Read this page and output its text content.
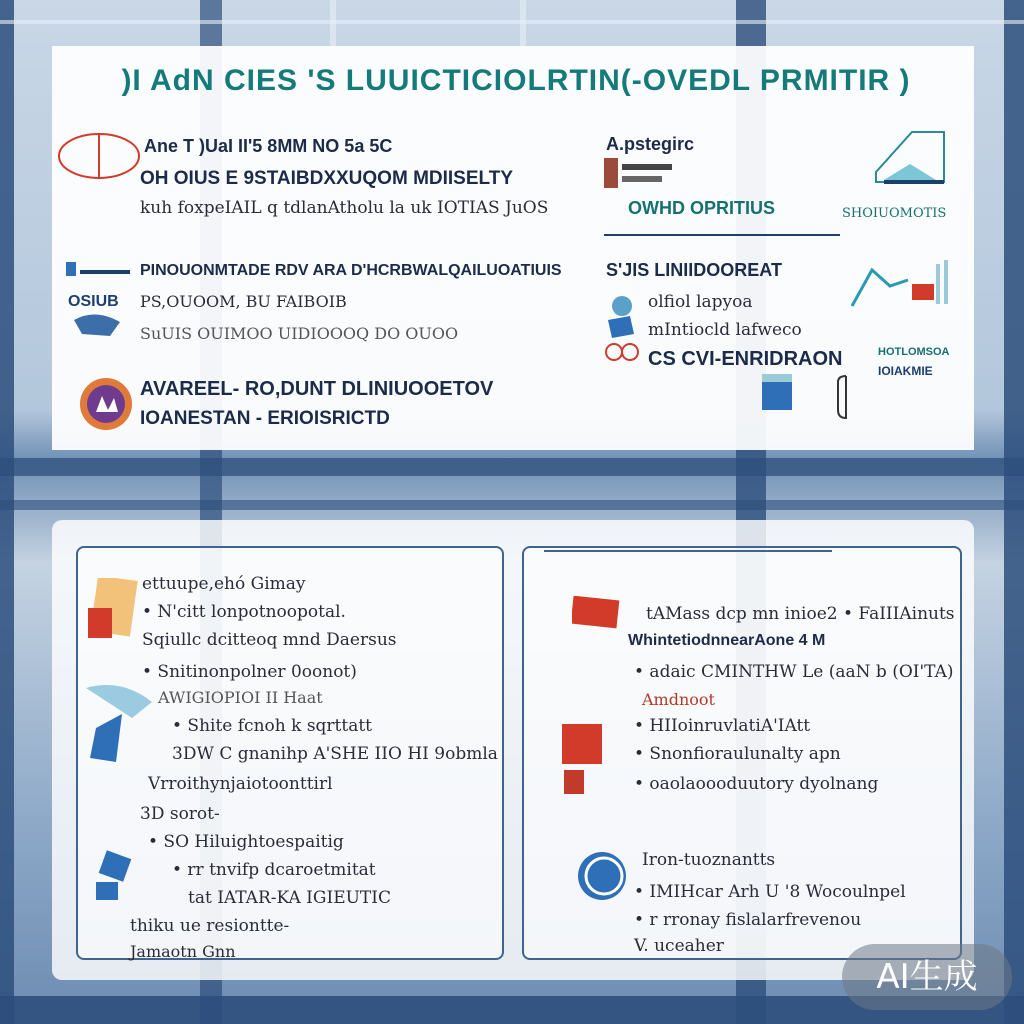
)I AdN CIES 'S LUUICTICIOLRTIN(-OVEDL PRMITIR )
Ane T )UaI II'5 8MM NO 5a 5C
OH OIUS E 9STAIBDXXUQOM MDIISELTY
kuh foxpeIAIL q tdlanAtholu la uk IOTIAS JuOS
OSIUB
PINOUONMTADE RDV ARA D'HCRBWALQAILUOATIUIS
PS,OUOOM, BU FAIBOIB
SuUIS OUIMOO UIDIOOOQ DO OUOO
AVAREEL- RO,DUNT DLINIUOOETOV
IOANESTAN - ERIOISRICTD
A.pstegirc
OWHD OPRITIUS	SHOIUOMOTIS
S'JIS LINIIDOOREAT
olfiol lapyoa
mIntiocld lafweco
CS CVI-ENRIDRAON	HOTLOMSOA
IOIAKMIE
ettuupe,ehó Gimay
• N'citt lonpotnoopotal.
Sqiullc dcitteoq mnd Daersus
• Snitinonpolner 0oonot)
AWIGIOPIOI II Haat
• Shite fcnoh k sqrttatt
3DW C gnanihp A'SHE IIO HI 9obmla
Vrroithynjaiotoonttirl
3D sorot-
• SO Hiluightoespaitig
• rr tnvifp dcaroetmitat
tat IATAR-KA IGIEUTIC
thiku ue resiontte-
Jamaotn Gnn
tAMass dcp mn inioe2 • FaIIIAinuts
WhintetiodnnearAone 4 M
• adaic CMINTHW Le (aaN b (OI'TA)
Amdnoot
• HIIoinruvlatiA'IAtt
• Snonfioraulunalty apn
• oaolaoooduutory dyolnang
Iron-tuoznantts
• IMIHcar Arh U '8 Wocoulnpel
• r rronay fislalarfrevenou
V. uceaher
AI生成
